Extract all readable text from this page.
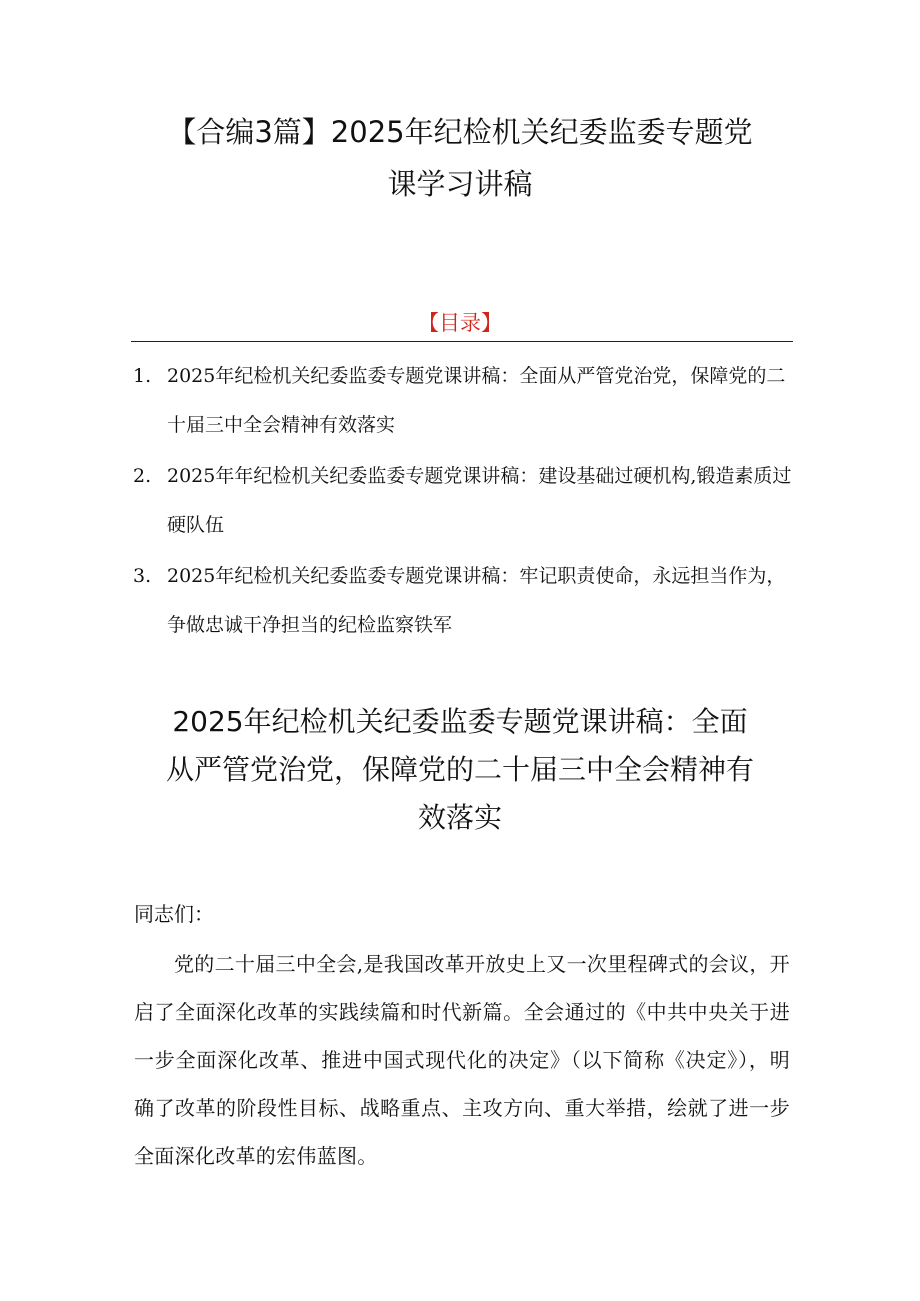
【合编3篇】2025年纪检机关纪委监委专题党
课学习讲稿
【目录】
1. 2025年纪检机关纪委监委专题党课讲稿：全面从严管党治党，保障党的二十届三中全会精神有效落实
2. 2025年年纪检机关纪委监委专题党课讲稿：建设基础过硬机构,锻造素质过硬队伍
3. 2025年纪检机关纪委监委专题党课讲稿：牢记职责使命，永远担当作为，争做忠诚干净担当的纪检监察铁军
2025年纪检机关纪委监委专题党课讲稿：全面
从严管党治党，保障党的二十届三中全会精神有
效落实
同志们：

党的二十届三中全会,是我国改革开放史上又一次里程碑式的会议，开启了全面深化改革的实践续篇和时代新篇。全会通过的《中共中央关于进一步全面深化改革、推进中国式现代化的决定》（以下简称《决定》），明确了改革的阶段性目标、战略重点、主攻方向、重大举措，绘就了进一步全面深化改革的宏伟蓝图。
